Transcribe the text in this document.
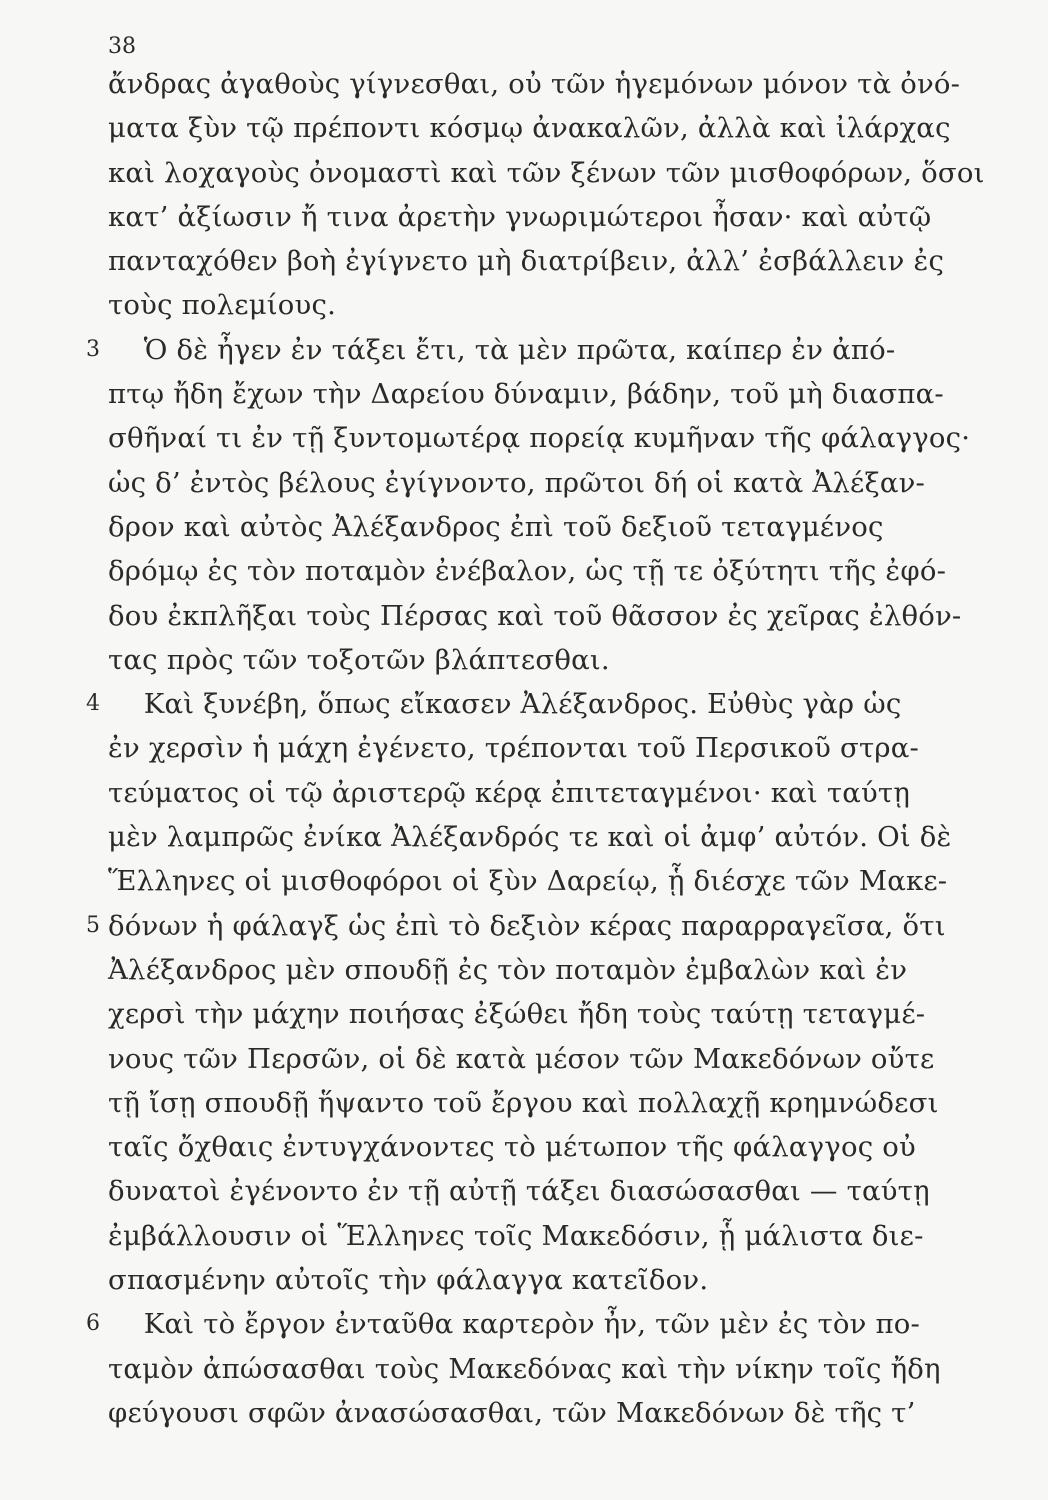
38
ἄνδρας ἀγαθοὺς γίγνεσθαι, οὐ τῶν ἡγεμόνων μόνον τὰ ὀνό-
ματα ξὺν τῷ πρέποντι κόσμῳ ἀνακαλῶν, ἀλλὰ καὶ ἰλάρχας
καὶ λοχαγοὺς ὀνομαστὶ καὶ τῶν ξένων τῶν μισθοφόρων, ὅσοι
κατ’ ἀξίωσιν ἤ τινα ἀρετὴν γνωριμώτεροι ἦσαν· καὶ αὐτῷ
πανταχόθεν βοὴ ἐγίγνετο μὴ διατρίβειν, ἀλλ’ ἐσβάλλειν ἐς
τοὺς πολεμίους.
3 Ὁ δὲ ἦγεν ἐν τάξει ἔτι, τὰ μὲν πρῶτα, καίπερ ἐν ἀπό-
πτῳ ἤδη ἔχων τὴν Δαρείου δύναμιν, βάδην, τοῦ μὴ διασπα-
σθῆναί τι ἐν τῇ ξυντομωτέρᾳ πορείᾳ κυμῆναν τῆς φάλαγγος·
ὡς δ’ ἐντὸς βέλους ἐγίγνοντο, πρῶτοι δή οἱ κατὰ Ἀλέξαν-
δρον καὶ αὐτὸς Ἀλέξανδρος ἐπὶ τοῦ δεξιοῦ τεταγμένος
δρόμῳ ἐς τὸν ποταμὸν ἐνέβαλον, ὡς τῇ τε ὀξύτητι τῆς ἐφό-
δου ἐκπλῆξαι τοὺς Πέρσας καὶ τοῦ θᾶσσον ἐς χεῖρας ἐλθόν-
τας πρὸς τῶν τοξοτῶν βλάπτεσθαι.
4 Καὶ ξυνέβη, ὅπως εἴκασεν Ἀλέξανδρος. Εὐθὺς γὰρ ὡς
ἐν χερσὶν ἡ μάχη ἐγένετο, τρέπονται τοῦ Περσικοῦ στρα-
τεύματος οἱ τῷ ἀριστερῷ κέρᾳ ἐπιτεταγμένοι· καὶ ταύτῃ
μὲν λαμπρῶς ἐνίκα Ἀλέξανδρός τε καὶ οἱ ἀμφ’ αὐτόν. Οἱ δὲ
Ἕλληνες οἱ μισθοφόροι οἱ ξὺν Δαρείῳ, ᾗ διέσχε τῶν Μακε-
5 δόνων ἡ φάλαγξ ὡς ἐπὶ τὸ δεξιὸν κέρας παραρραγεῖσα, ὅτι
Ἀλέξανδρος μὲν σπουδῇ ἐς τὸν ποταμὸν ἐμβαλὼν καὶ ἐν
χερσὶ τὴν μάχην ποιήσας ἐξώθει ἤδη τοὺς ταύτῃ τεταγμέ-
νους τῶν Περσῶν, οἱ δὲ κατὰ μέσον τῶν Μακεδόνων οὔτε
τῇ ἴσῃ σπουδῇ ἥψαντο τοῦ ἔργου καὶ πολλαχῇ κρημνώδεσι
ταῖς ὄχθαις ἐντυγχάνοντες τὸ μέτωπον τῆς φάλαγγος οὐ
δυνατοὶ ἐγένοντο ἐν τῇ αὐτῇ τάξει διασώσασθαι — ταύτῃ
ἐμβάλλουσιν οἱ Ἕλληνες τοῖς Μακεδόσιν, ᾗ μάλιστα διε-
σπασμένην αὐτοῖς τὴν φάλαγγα κατεῖδον.
6 Καὶ τὸ ἔργον ἐνταῦθα καρτερὸν ἦν, τῶν μὲν ἐς τὸν πο-
ταμὸν ἀπώσασθαι τοὺς Μακεδόνας καὶ τὴν νίκην τοῖς ἤδη
φεύγουσι σφῶν ἀνασώσασθαι, τῶν Μακεδόνων δὲ τῆς τ’
